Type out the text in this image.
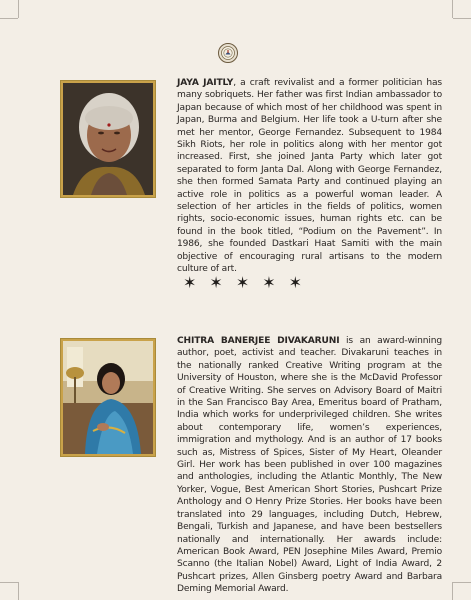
JAYA JAITLY, a craft revivalist and a former politician has many sobriquets. Her father was first Indian ambassador to Japan because of which most of her childhood was spent in Japan, Burma and Belgium. Her life took a U-turn after she met her mentor, George Fernandez. Subsequent to 1984 Sikh Riots, her role in politics along with her mentor got increased. First, she joined Janta Party which later got separated to form Janta Dal. Along with George Fernandez, she then formed Samata Party and continued playing an active role in politics as a powerful woman leader. A selection of her articles in the fields of politics, women rights, socio-economic issues, human rights etc. can be found in the book titled, “Podium on the Pavement”. In 1986, she founded Dastkari Haat Samiti with the main objective of encouraging rural artisans to the modern culture of art.
✶ ✶ ✶ ✶ ✶
CHITRA BANERJEE DIVAKARUNI is an award-winning author, poet, activist and teacher. Divakaruni teaches in the nationally ranked Creative Writing program at the University of Houston, where she is the McDavid Professor of Creative Writing. She serves on Advisory Board of Maitri in the San Francisco Bay Area, Emeritus board of Pratham, India which works for underprivileged children. She writes about contemporary life, women’s experiences, immigration and mythology. And is an author of 17 books such as, Mistress of Spices, Sister of My Heart, Oleander Girl. Her work has been published in over 100 magazines and anthologies, including the Atlantic Monthly, The New Yorker, Vogue, Best American Short Stories, Pushcart Prize Anthology and O Henry Prize Stories. Her books have been translated into 29 languages, including Dutch, Hebrew, Bengali, Turkish and Japanese, and have been bestsellers nationally and internationally. Her awards include: American Book Award, PEN Josephine Miles Award, Premio Scanno (the Italian Nobel) Award, Light of India Award, 2 Pushcart prizes, Allen Ginsberg poetry Award and Barbara Deming Memorial Award.
